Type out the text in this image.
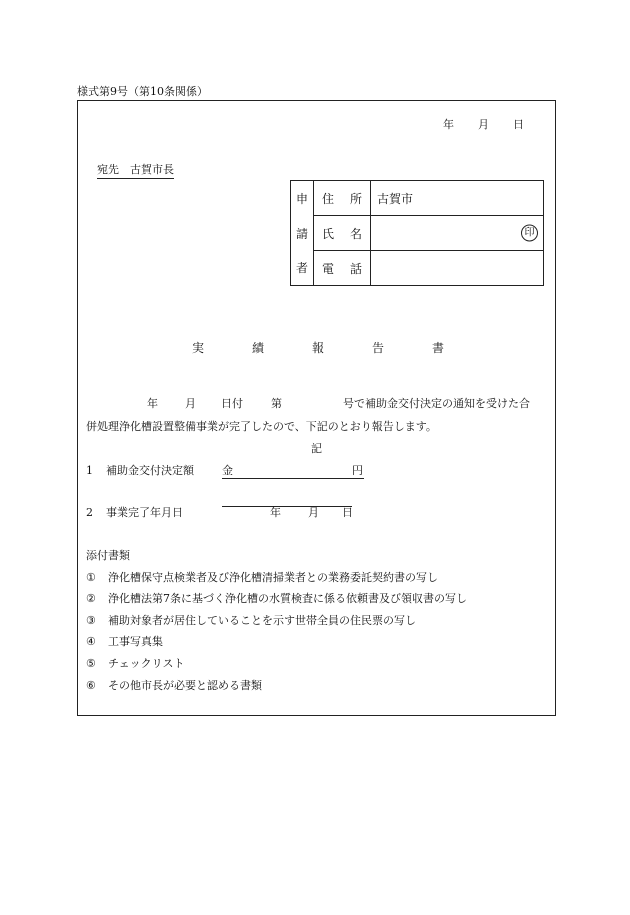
様式第9号（第10条関係）
年 月 日
宛先　古賀市長
申	住 所	古賀市
請	氏 名	印

者	電 話	

実	績	報	告	書
年 月 日付	第	号で補助金交付決定の通知を受けた合
併処理浄化槽設置整備事業が完了したので、下記のとおり報告します。
記
1 補助金交付決定額	金	円
2 事業完了年月日	年 月 日
添付書類
① 浄化槽保守点検業者及び浄化槽清掃業者との業務委託契約書の写し
② 浄化槽法第7条に基づく浄化槽の水質検査に係る依頼書及び領収書の写し
③ 補助対象者が居住していることを示す世帯全員の住民票の写し
④ 工事写真集
⑤ チェックリスト
⑥ その他市長が必要と認める書類
